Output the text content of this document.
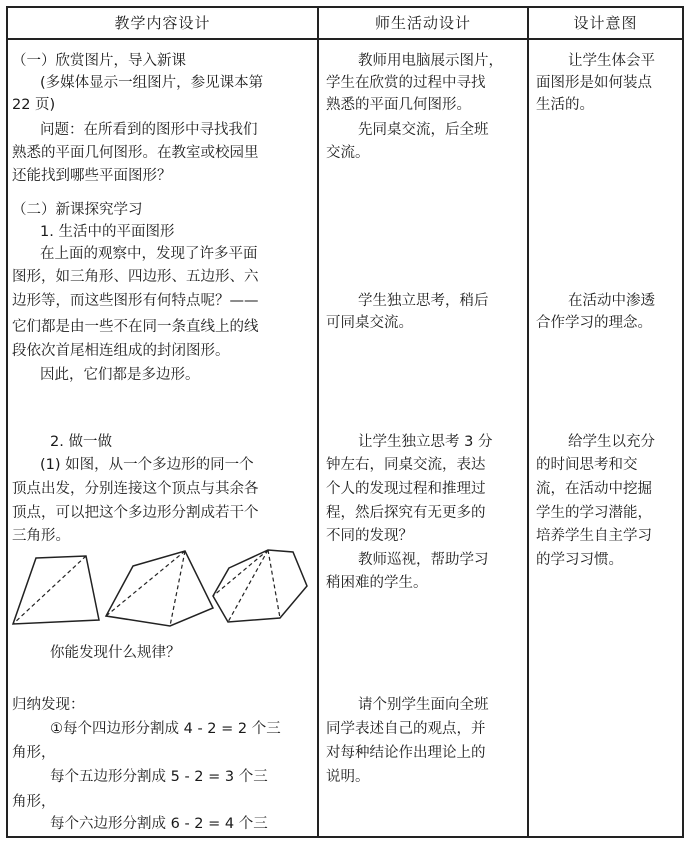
教学内容设计	师生活动设计	设计意图
（一）欣赏图片，导入新课
(多媒体显示一组图片，参见课本第
22 页)
问题：在所看到的图形中寻找我们
熟悉的平面几何图形。在教室或校园里
还能找到哪些平面图形？
（二）新课探究学习
1. 生活中的平面图形
在上面的观察中，发现了许多平面
图形，如三角形、四边形、五边形、六
边形等，而这些图形有何特点呢？——
它们都是由一些不在同一条直线上的线
段依次首尾相连组成的封闭图形。
因此，它们都是多边形。
2. 做一做
(1) 如图，从一个多边形的同一个
顶点出发，分别连接这个顶点与其余各
顶点，可以把这个多边形分割成若干个
三角形。
你能发现什么规律？
归纳发现：
①每个四边形分割成 4 - 2 = 2 个三
角形，
每个五边形分割成 5 - 2 = 3 个三
角形，
每个六边形分割成 6 - 2 = 4 个三
教师用电脑展示图片，
学生在欣赏的过程中寻找
熟悉的平面几何图形。
先同桌交流，后全班
交流。
学生独立思考，稍后
可同桌交流。
让学生独立思考 3 分
钟左右，同桌交流，表达
个人的发现过程和推理过
程，然后探究有无更多的
不同的发现？
教师巡视，帮助学习
稍困难的学生。
请个别学生面向全班
同学表述自己的观点，并
对每种结论作出理论上的
说明。
让学生体会平
面图形是如何装点
生活的。
在活动中渗透
合作学习的理念。
给学生以充分
的时间思考和交
流，在活动中挖掘
学生的学习潜能，
培养学生自主学习
的学习习惯。
